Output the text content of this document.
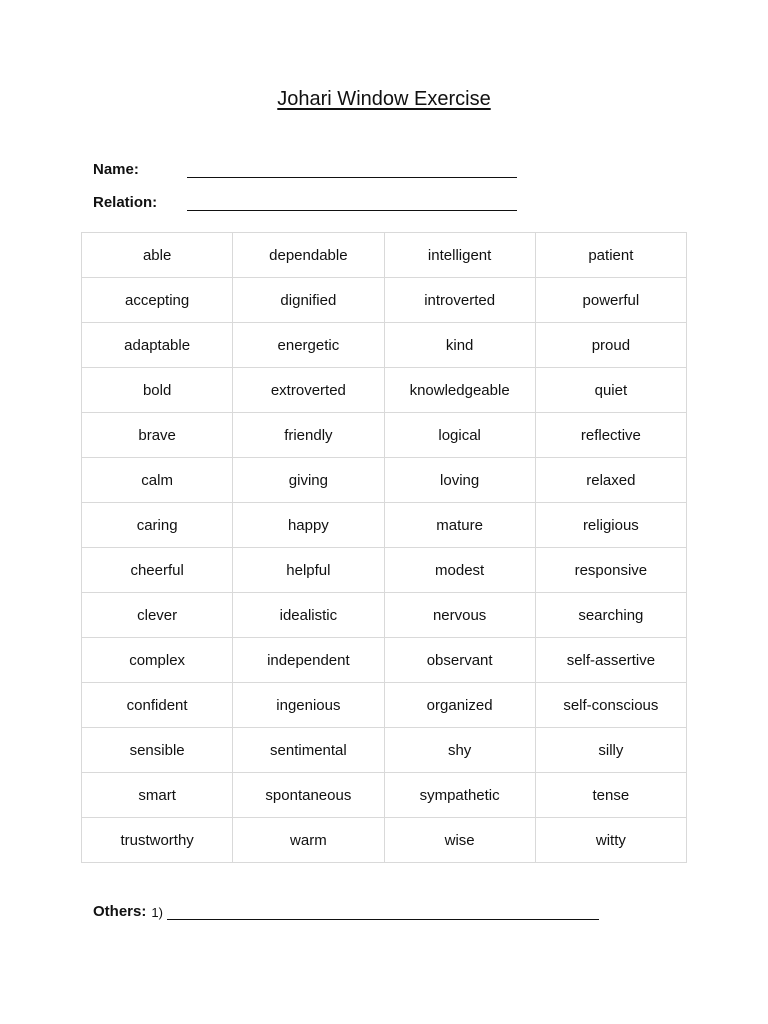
Johari Window Exercise
Name:
Relation:
able	dependable	intelligent	patient
accepting	dignified	introverted	powerful
adaptable	energetic	kind	proud
bold	extroverted	knowledgeable	quiet
brave	friendly	logical	reflective
calm	giving	loving	relaxed
caring	happy	mature	religious
cheerful	helpful	modest	responsive
clever	idealistic	nervous	searching
complex	independent	observant	self-assertive
confident	ingenious	organized	self-conscious
sensible	sentimental	shy	silly
smart	spontaneous	sympathetic	tense
trustworthy	warm	wise	witty
Others: 1)
